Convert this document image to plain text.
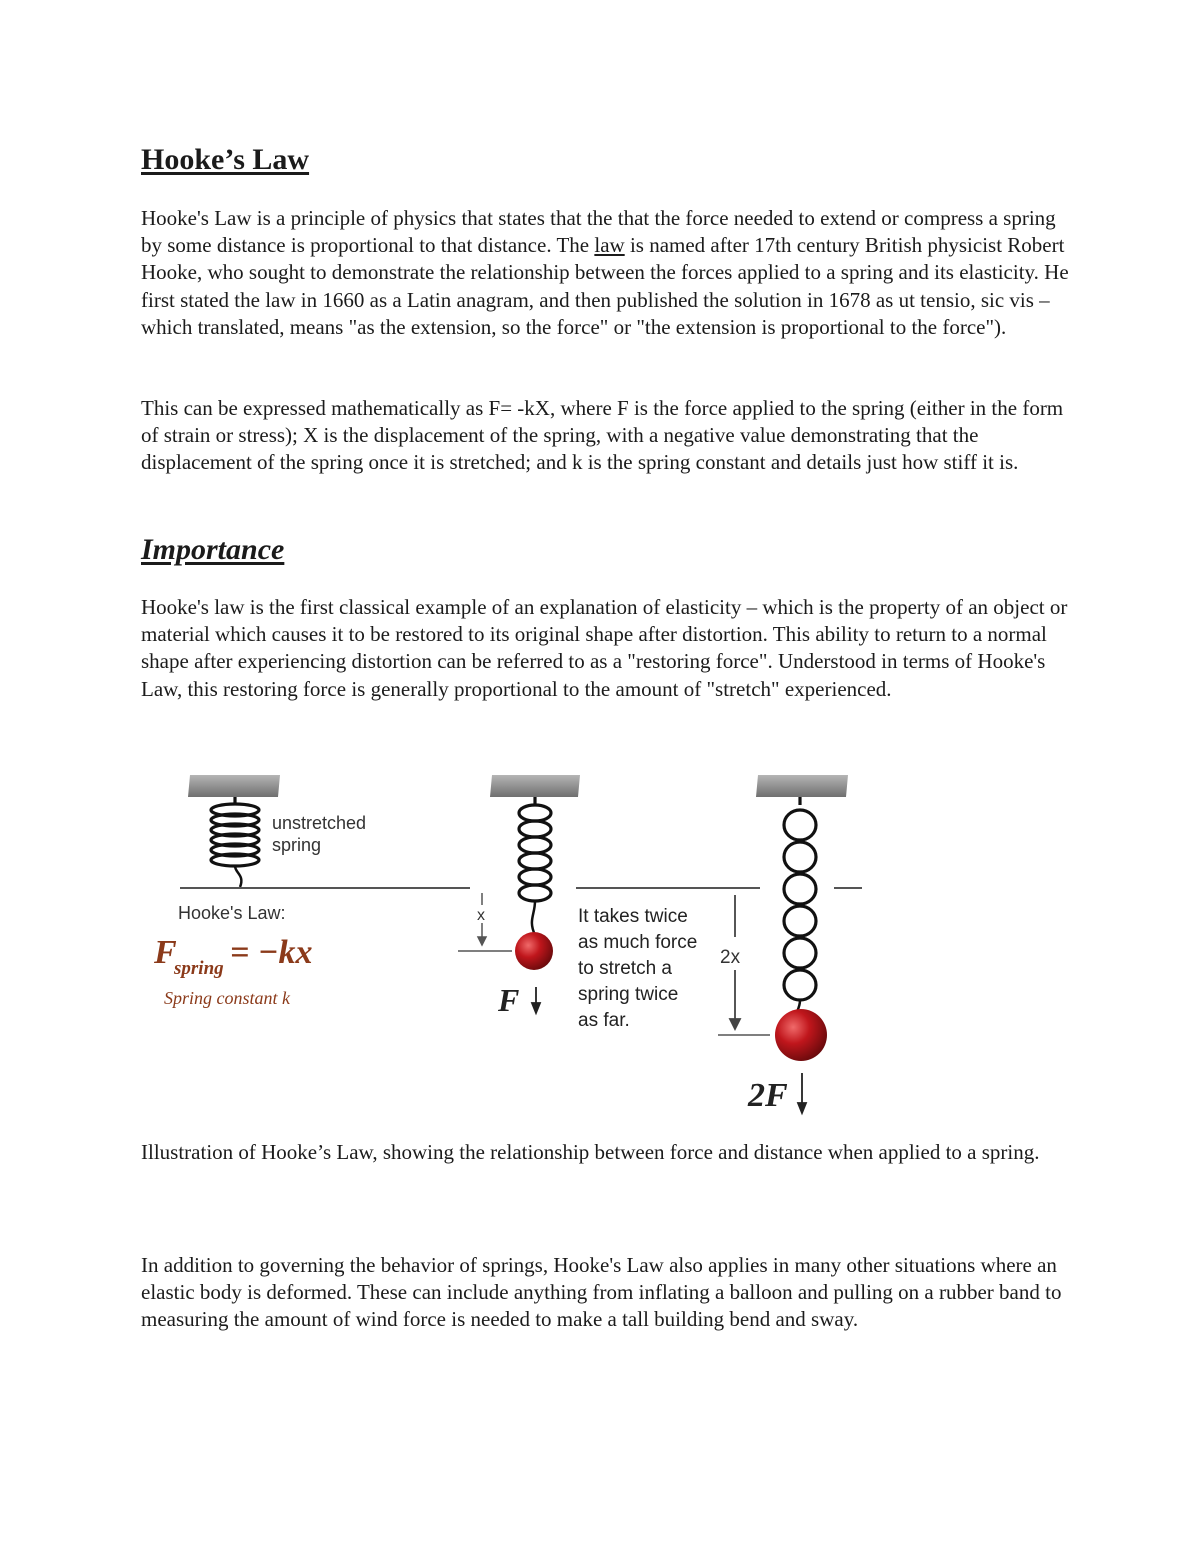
Hooke’s Law

Hooke's Law is a principle of physics that states that the that the force needed to extend or compress a spring by some distance is proportional to that distance. The law is named after 17th century British physicist Robert Hooke, who sought to demonstrate the relationship between the forces applied to a spring and its elasticity. He first stated the law in 1660 as a Latin anagram, and then published the solution in 1678 as ut tensio, sic vis – which translated, means "as the extension, so the force" or "the extension is proportional to the force").

This can be expressed mathematically as F= -kX, where F is the force applied to the spring (either in the form of strain or stress); X is the displacement of the spring, with a negative value demonstrating that the displacement of the spring once it is stretched; and k is the spring constant and details just how stiff it is.

Importance

Hooke's law is the first classical example of an explanation of elasticity – which is the property of an object or material which causes it to be restored to its original shape after distortion. This ability to return to a normal shape after experiencing distortion can be referred to as a "restoring force". Understood in terms of Hooke's Law, this restoring force is generally proportional to the amount of "stretch" experienced.

x
2x
unstretched
spring
Hooke's Law:
F
spring = −kx
Spring constant k	F
It takes twice
as much force
to stretch a
spring twice
as far.
2F

Illustration of Hooke’s Law, showing the relationship between force and distance when applied to a spring.

In addition to governing the behavior of springs, Hooke's Law also applies in many other situations where an elastic body is deformed. These can include anything from inflating a balloon and pulling on a rubber band to measuring the amount of wind force is needed to make a tall building bend and sway.
